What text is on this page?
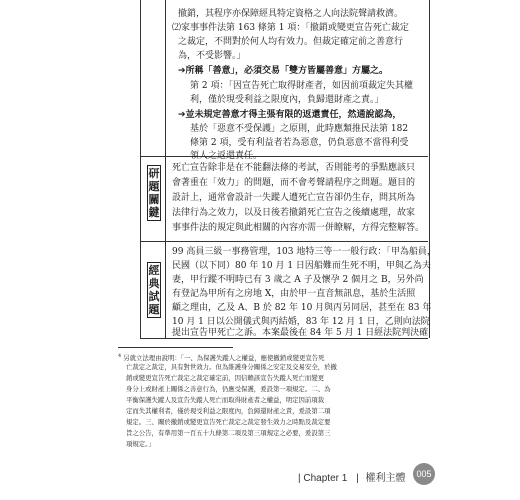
撤銷，其程序亦保障經具特定資格之人向法院聲請救濟。
⑵家事事件法第 163 條第 1 項：「撤銷或變更宣告死亡裁定
之裁定，不問對於何人均有效力。但裁定確定前之善意行
為，不受影響。」
➔所稱「善意」，必須交易「雙方皆屬善意」方屬之。
第 2 項：「因宣告死亡取得財產者，如因前項裁定失其權
利，僅於現受利益之限度內，負歸還財產之責。」
➔並未規定善意才得主張有限的返還責任，然通說認為，
基於「惡意不受保護」之原則，此時應類推民法第 182
條第 2 項，受有利益者若為惡意，仍負惡意不當得利受
領人之返還責任。
研題關鍵
死亡宣告除非是在不能翻法條的考試，否則能考的爭點應該只
會著重在「效力」的問題，而不會考聲請程序之問題。題目的
設計上，通常會設計一失蹤人遭死亡宣告卻仍生存，問其所為
法律行為之效力，以及日後若撤銷死亡宣告之後續處理，故家
事事件法的規定與此相關的內容亦需一併瞭解，方得完整解答。
經典試題
99 高員三級一事務管理，103 地特三等一一般行政：「甲為船員，
民國（以下同）80 年 10 月 1 日因船難而生死不明，甲與乙為夫
妻，甲行蹤不明時已有 3 歲之 A 子及懷孕 2 個月之 B，另外尚
有登記為甲所有之房地 X，由於甲一直音無訊息，基於生活照
顧之理由，乙及 A、B 於 82 年 10 月與丙另同居，甚至在 83 年
10 月 1 日以公開儀式與丙結婚，83 年 12 月 1 日，乙則向法院
提出宣告甲死亡之訴。本案最後在 84 年 5 月 1 日經法院判決確
$^4$ 另就立法理由說明：「一、為保護失蹤人之權益，應使撤銷或變更宣告死
亡裁定之裁定，具有對世效力。但為維護身分關係之安定及交易安全，於撤
銷或變更宣告死亡裁定之裁定確定前，因信賴該宣告失蹤人死亡而變更
身分上或財產上關係之善意行為，仍應受保護，爰設第一項規定。二、為
平衡保護失蹤人及宣告失蹤人死亡而取得財產者之權益，明定因前項裁
定而失其權利者，僅於現受利益之限度內，負歸還財產之責，爰設第二項
規定。三、關於撤銷或變更宣告死亡裁定之裁定發生效力之時點及裁定要
旨之公告，有準用第一百五十九條第二項及第三項規定之必要，爰設第三
項規定。」
| Chapter 1 | 權利主體	005
